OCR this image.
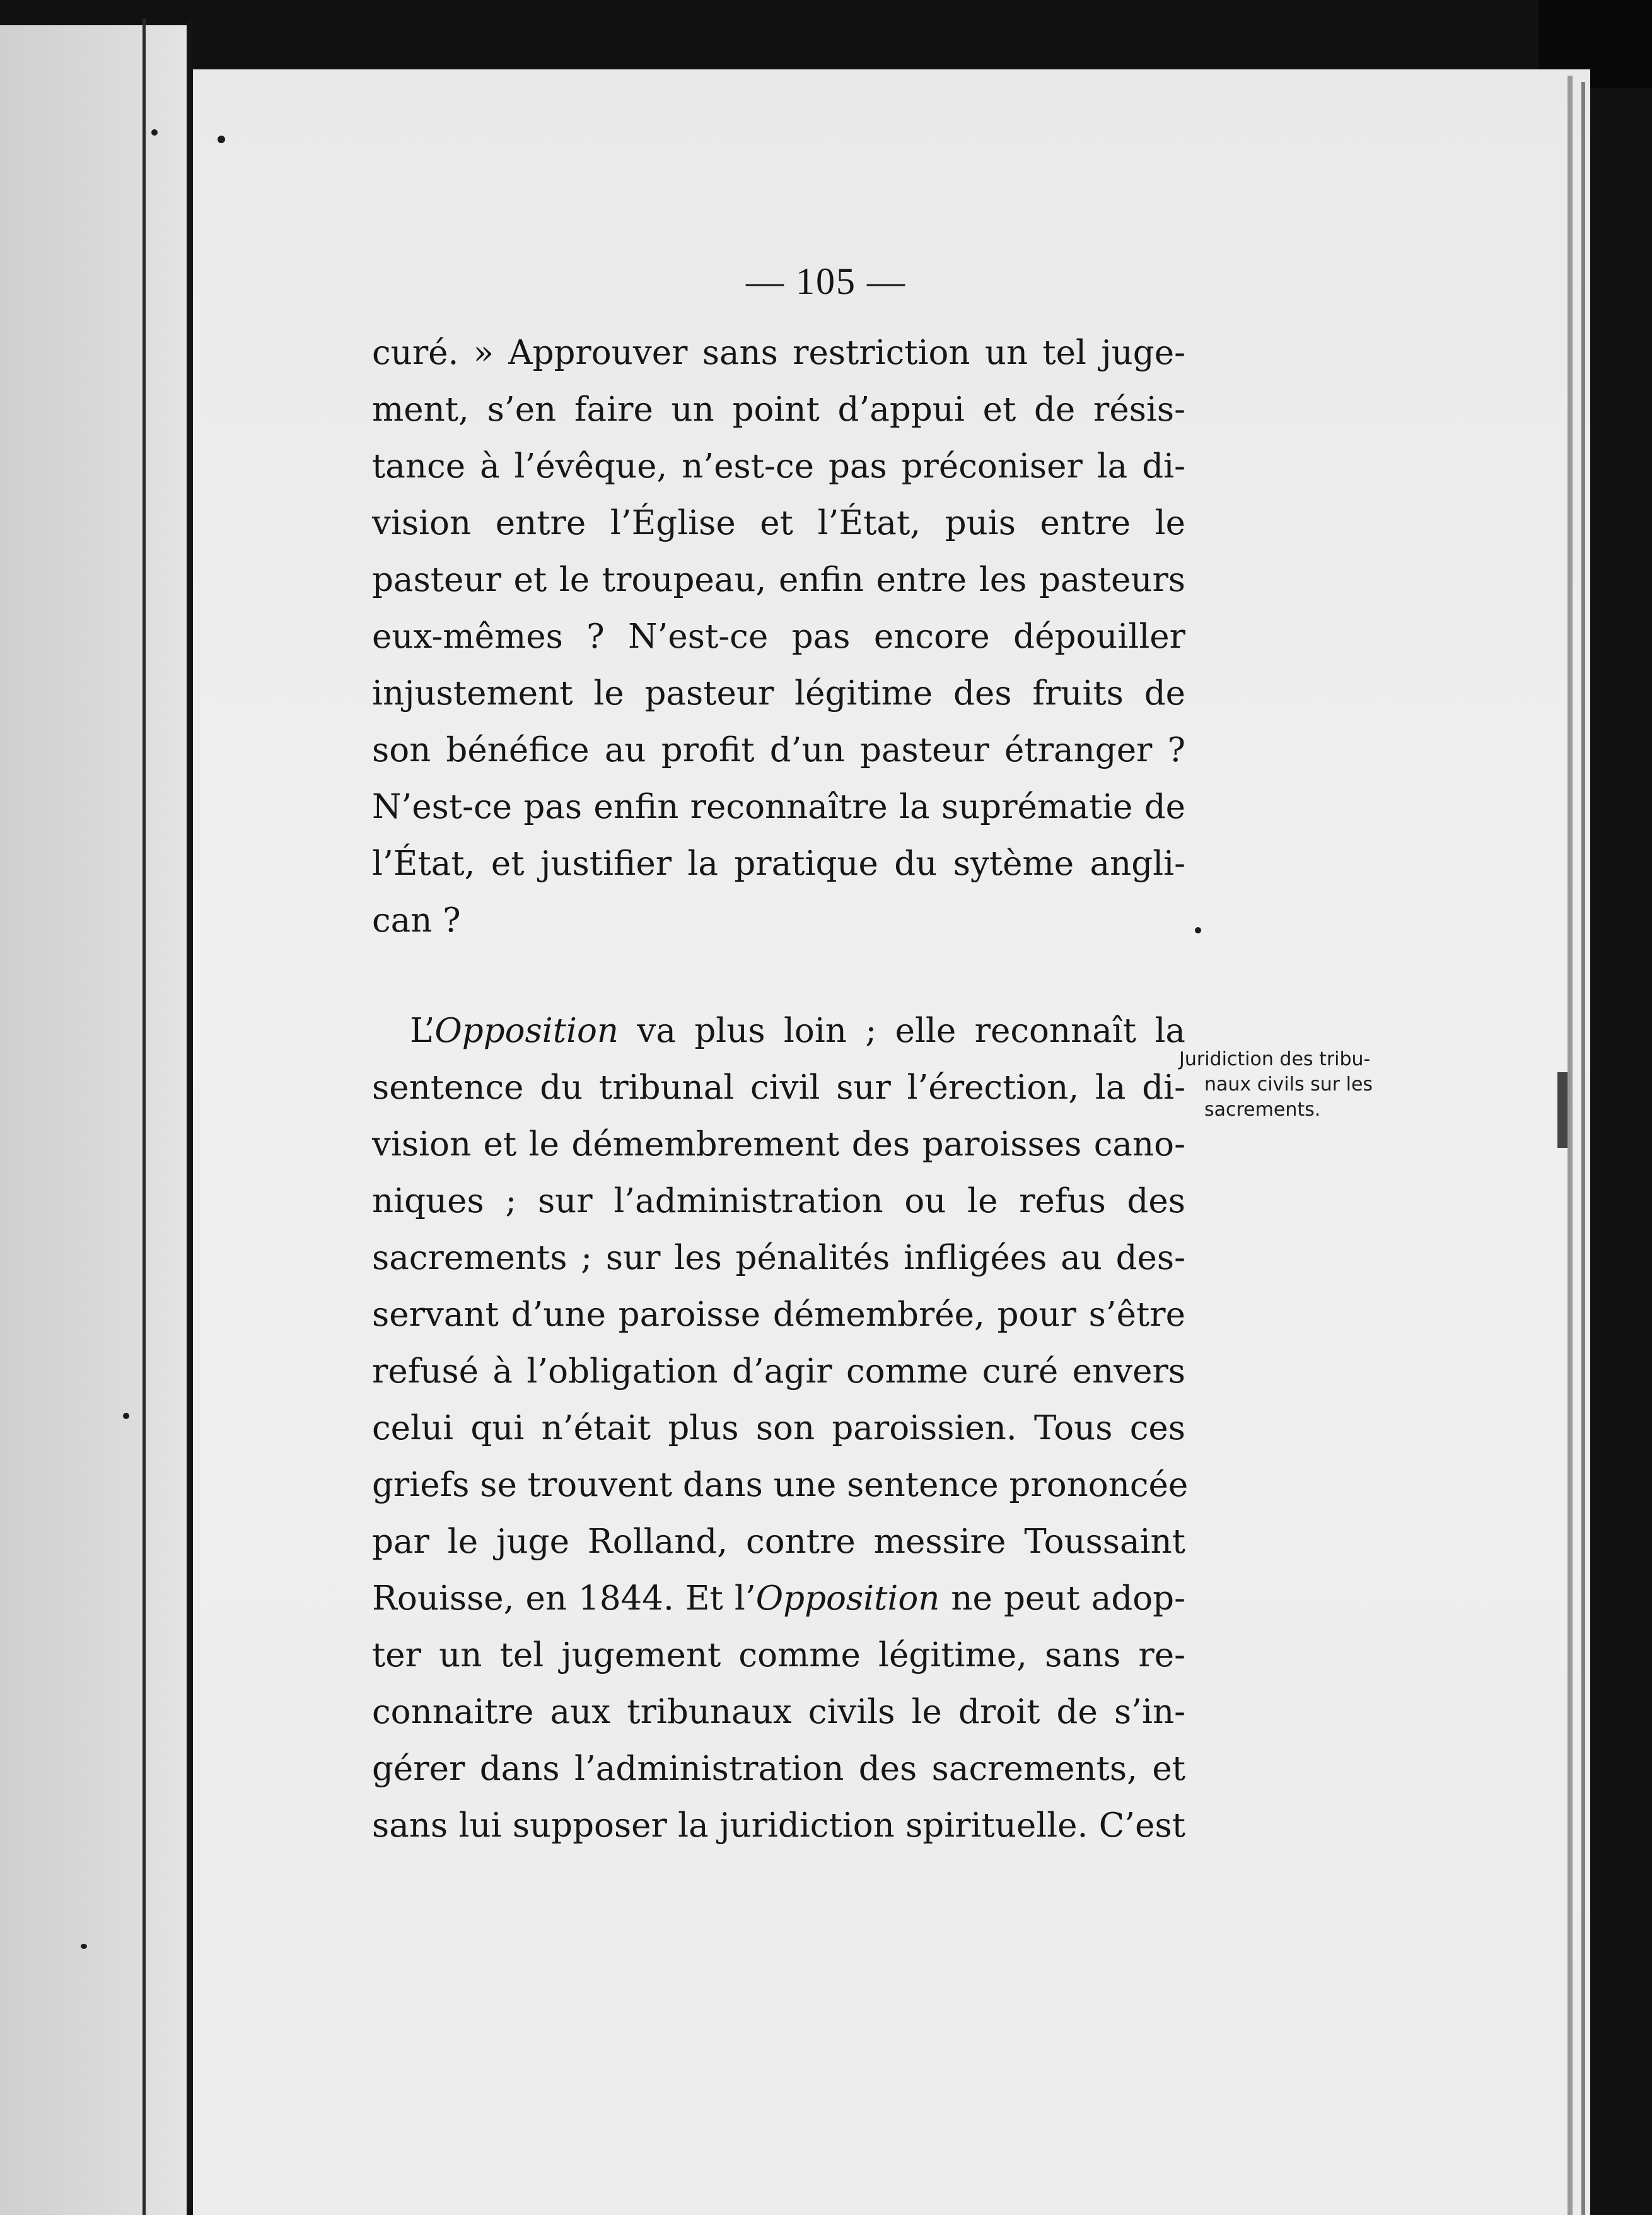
— 105 —
curé. » Approuver sans restriction un tel juge-
ment, s’en faire un point d’appui et de résis-
tance à l’évêque, n’est-ce pas préconiser la di-
vision entre l’Église et l’État, puis entre le
pasteur et le troupeau, enfin entre les pasteurs
eux-mêmes ? N’est-ce pas encore dépouiller
injustement le pasteur légitime des fruits de
son bénéfice au profit d’un pasteur étranger ?
N’est-ce pas enfin reconnaître la suprématie de
l’État, et justifier la pratique du sytème angli-
can ?
L’Opposition va plus loin ; elle reconnaît la
sentence du tribunal civil sur l’érection, la di-
vision et le démembrement des paroisses cano-
niques ; sur l’administration ou le refus des
sacrements ; sur les pénalités infligées au des-
servant d’une paroisse démembrée, pour s’être
refusé à l’obligation d’agir comme curé envers
celui qui n’était plus son paroissien. Tous ces
griefs se trouvent dans une sentence prononcée
par le juge Rolland, contre messire Toussaint
Rouisse, en 1844. Et l’Opposition ne peut adop-
ter un tel jugement comme légitime, sans re-
connaitre aux tribunaux civils le droit de s’in-
gérer dans l’administration des sacrements, et
sans lui supposer la juridiction spirituelle. C’est
Juridiction des tribu-
naux civils sur les
sacrements.
